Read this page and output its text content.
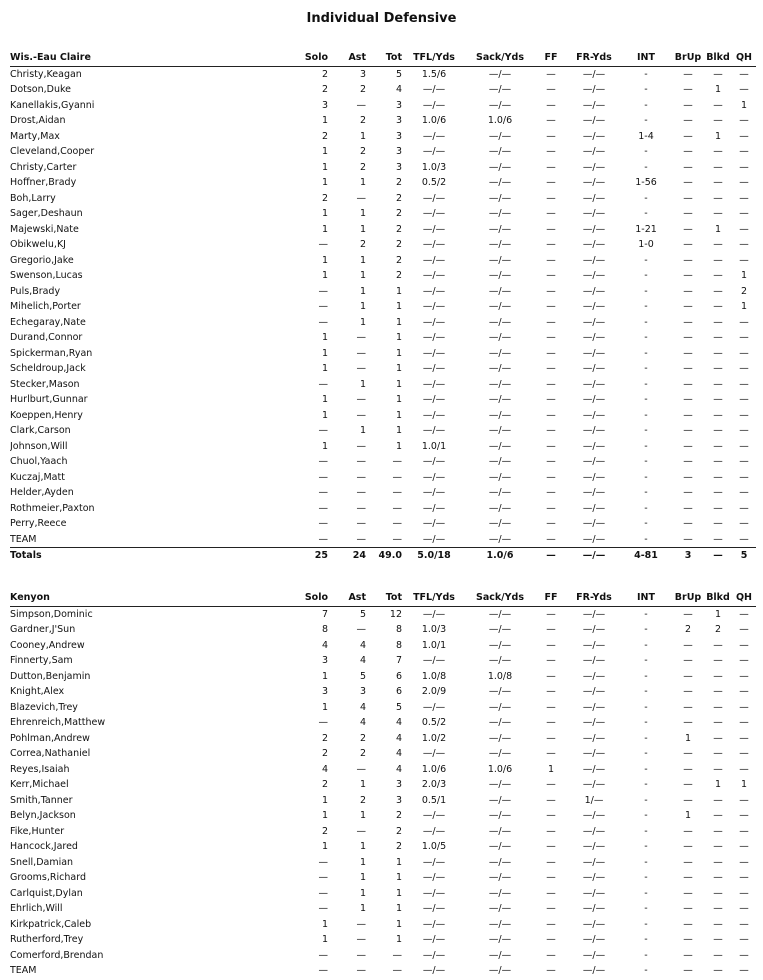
Individual Defensive
Wis.-Eau Claire	Solo	Ast	Tot	TFL/Yds	Sack/Yds	FF	FR-Yds	INT	BrUp	Blkd	QH
Christy,Keagan	2	3	5	1.5/6	—/—	—	—/—	-	—	—	—
Dotson,Duke	2	2	4	—/—	—/—	—	—/—	-	—	1	—
Kanellakis,Gyanni	3	—	3	—/—	—/—	—	—/—	-	—	—	1
Drost,Aidan	1	2	3	1.0/6	1.0/6	—	—/—	-	—	—	—
Marty,Max	2	1	3	—/—	—/—	—	—/—	1-4	—	1	—
Cleveland,Cooper	1	2	3	—/—	—/—	—	—/—	-	—	—	—
Christy,Carter	1	2	3	1.0/3	—/—	—	—/—	-	—	—	—
Hoffner,Brady	1	1	2	0.5/2	—/—	—	—/—	1-56	—	—	—
Boh,Larry	2	—	2	—/—	—/—	—	—/—	-	—	—	—
Sager,Deshaun	1	1	2	—/—	—/—	—	—/—	-	—	—	—
Majewski,Nate	1	1	2	—/—	—/—	—	—/—	1-21	—	1	—
Obikwelu,KJ	—	2	2	—/—	—/—	—	—/—	1-0	—	—	—
Gregorio,Jake	1	1	2	—/—	—/—	—	—/—	-	—	—	—
Swenson,Lucas	1	1	2	—/—	—/—	—	—/—	-	—	—	1
Puls,Brady	—	1	1	—/—	—/—	—	—/—	-	—	—	2
Mihelich,Porter	—	1	1	—/—	—/—	—	—/—	-	—	—	1
Echegaray,Nate	—	1	1	—/—	—/—	—	—/—	-	—	—	—
Durand,Connor	1	—	1	—/—	—/—	—	—/—	-	—	—	—
Spickerman,Ryan	1	—	1	—/—	—/—	—	—/—	-	—	—	—
Scheldroup,Jack	1	—	1	—/—	—/—	—	—/—	-	—	—	—
Stecker,Mason	—	1	1	—/—	—/—	—	—/—	-	—	—	—
Hurlburt,Gunnar	1	—	1	—/—	—/—	—	—/—	-	—	—	—
Koeppen,Henry	1	—	1	—/—	—/—	—	—/—	-	—	—	—
Clark,Carson	—	1	1	—/—	—/—	—	—/—	-	—	—	—
Johnson,Will	1	—	1	1.0/1	—/—	—	—/—	-	—	—	—
Chuol,Yaach	—	—	—	—/—	—/—	—	—/—	-	—	—	—
Kuczaj,Matt	—	—	—	—/—	—/—	—	—/—	-	—	—	—
Helder,Ayden	—	—	—	—/—	—/—	—	—/—	-	—	—	—
Rothmeier,Paxton	—	—	—	—/—	—/—	—	—/—	-	—	—	—
Perry,Reece	—	—	—	—/—	—/—	—	—/—	-	—	—	—
TEAM	—	—	—	—/—	—/—	—	—/—	-	—	—	—
Totals	25	24	49.0	5.0/18	1.0/6	—	—/—	4-81	3	—	5
Kenyon	Solo	Ast	Tot	TFL/Yds	Sack/Yds	FF	FR-Yds	INT	BrUp	Blkd	QH
Simpson,Dominic	7	5	12	—/—	—/—	—	—/—	-	—	1	—
Gardner,J'Sun	8	—	8	1.0/3	—/—	—	—/—	-	2	2	—
Cooney,Andrew	4	4	8	1.0/1	—/—	—	—/—	-	—	—	—
Finnerty,Sam	3	4	7	—/—	—/—	—	—/—	-	—	—	—
Dutton,Benjamin	1	5	6	1.0/8	1.0/8	—	—/—	-	—	—	—
Knight,Alex	3	3	6	2.0/9	—/—	—	—/—	-	—	—	—
Blazevich,Trey	1	4	5	—/—	—/—	—	—/—	-	—	—	—
Ehrenreich,Matthew	—	4	4	0.5/2	—/—	—	—/—	-	—	—	—
Pohlman,Andrew	2	2	4	1.0/2	—/—	—	—/—	-	1	—	—
Correa,Nathaniel	2	2	4	—/—	—/—	—	—/—	-	—	—	—
Reyes,Isaiah	4	—	4	1.0/6	1.0/6	1	—/—	-	—	—	—
Kerr,Michael	2	1	3	2.0/3	—/—	—	—/—	-	—	1	1
Smith,Tanner	1	2	3	0.5/1	—/—	—	1/—	-	—	—	—
Belyn,Jackson	1	1	2	—/—	—/—	—	—/—	-	1	—	—
Fike,Hunter	2	—	2	—/—	—/—	—	—/—	-	—	—	—
Hancock,Jared	1	1	2	1.0/5	—/—	—	—/—	-	—	—	—
Snell,Damian	—	1	1	—/—	—/—	—	—/—	-	—	—	—
Grooms,Richard	—	1	1	—/—	—/—	—	—/—	-	—	—	—
Carlquist,Dylan	—	1	1	—/—	—/—	—	—/—	-	—	—	—
Ehrlich,Will	—	1	1	—/—	—/—	—	—/—	-	—	—	—
Kirkpatrick,Caleb	1	—	1	—/—	—/—	—	—/—	-	—	—	—
Rutherford,Trey	1	—	1	—/—	—/—	—	—/—	-	—	—	—
Comerford,Brendan	—	—	—	—/—	—/—	—	—/—	-	—	—	—
TEAM	—	—	—	—/—	—/—	—	—/—	-	—	—	—
